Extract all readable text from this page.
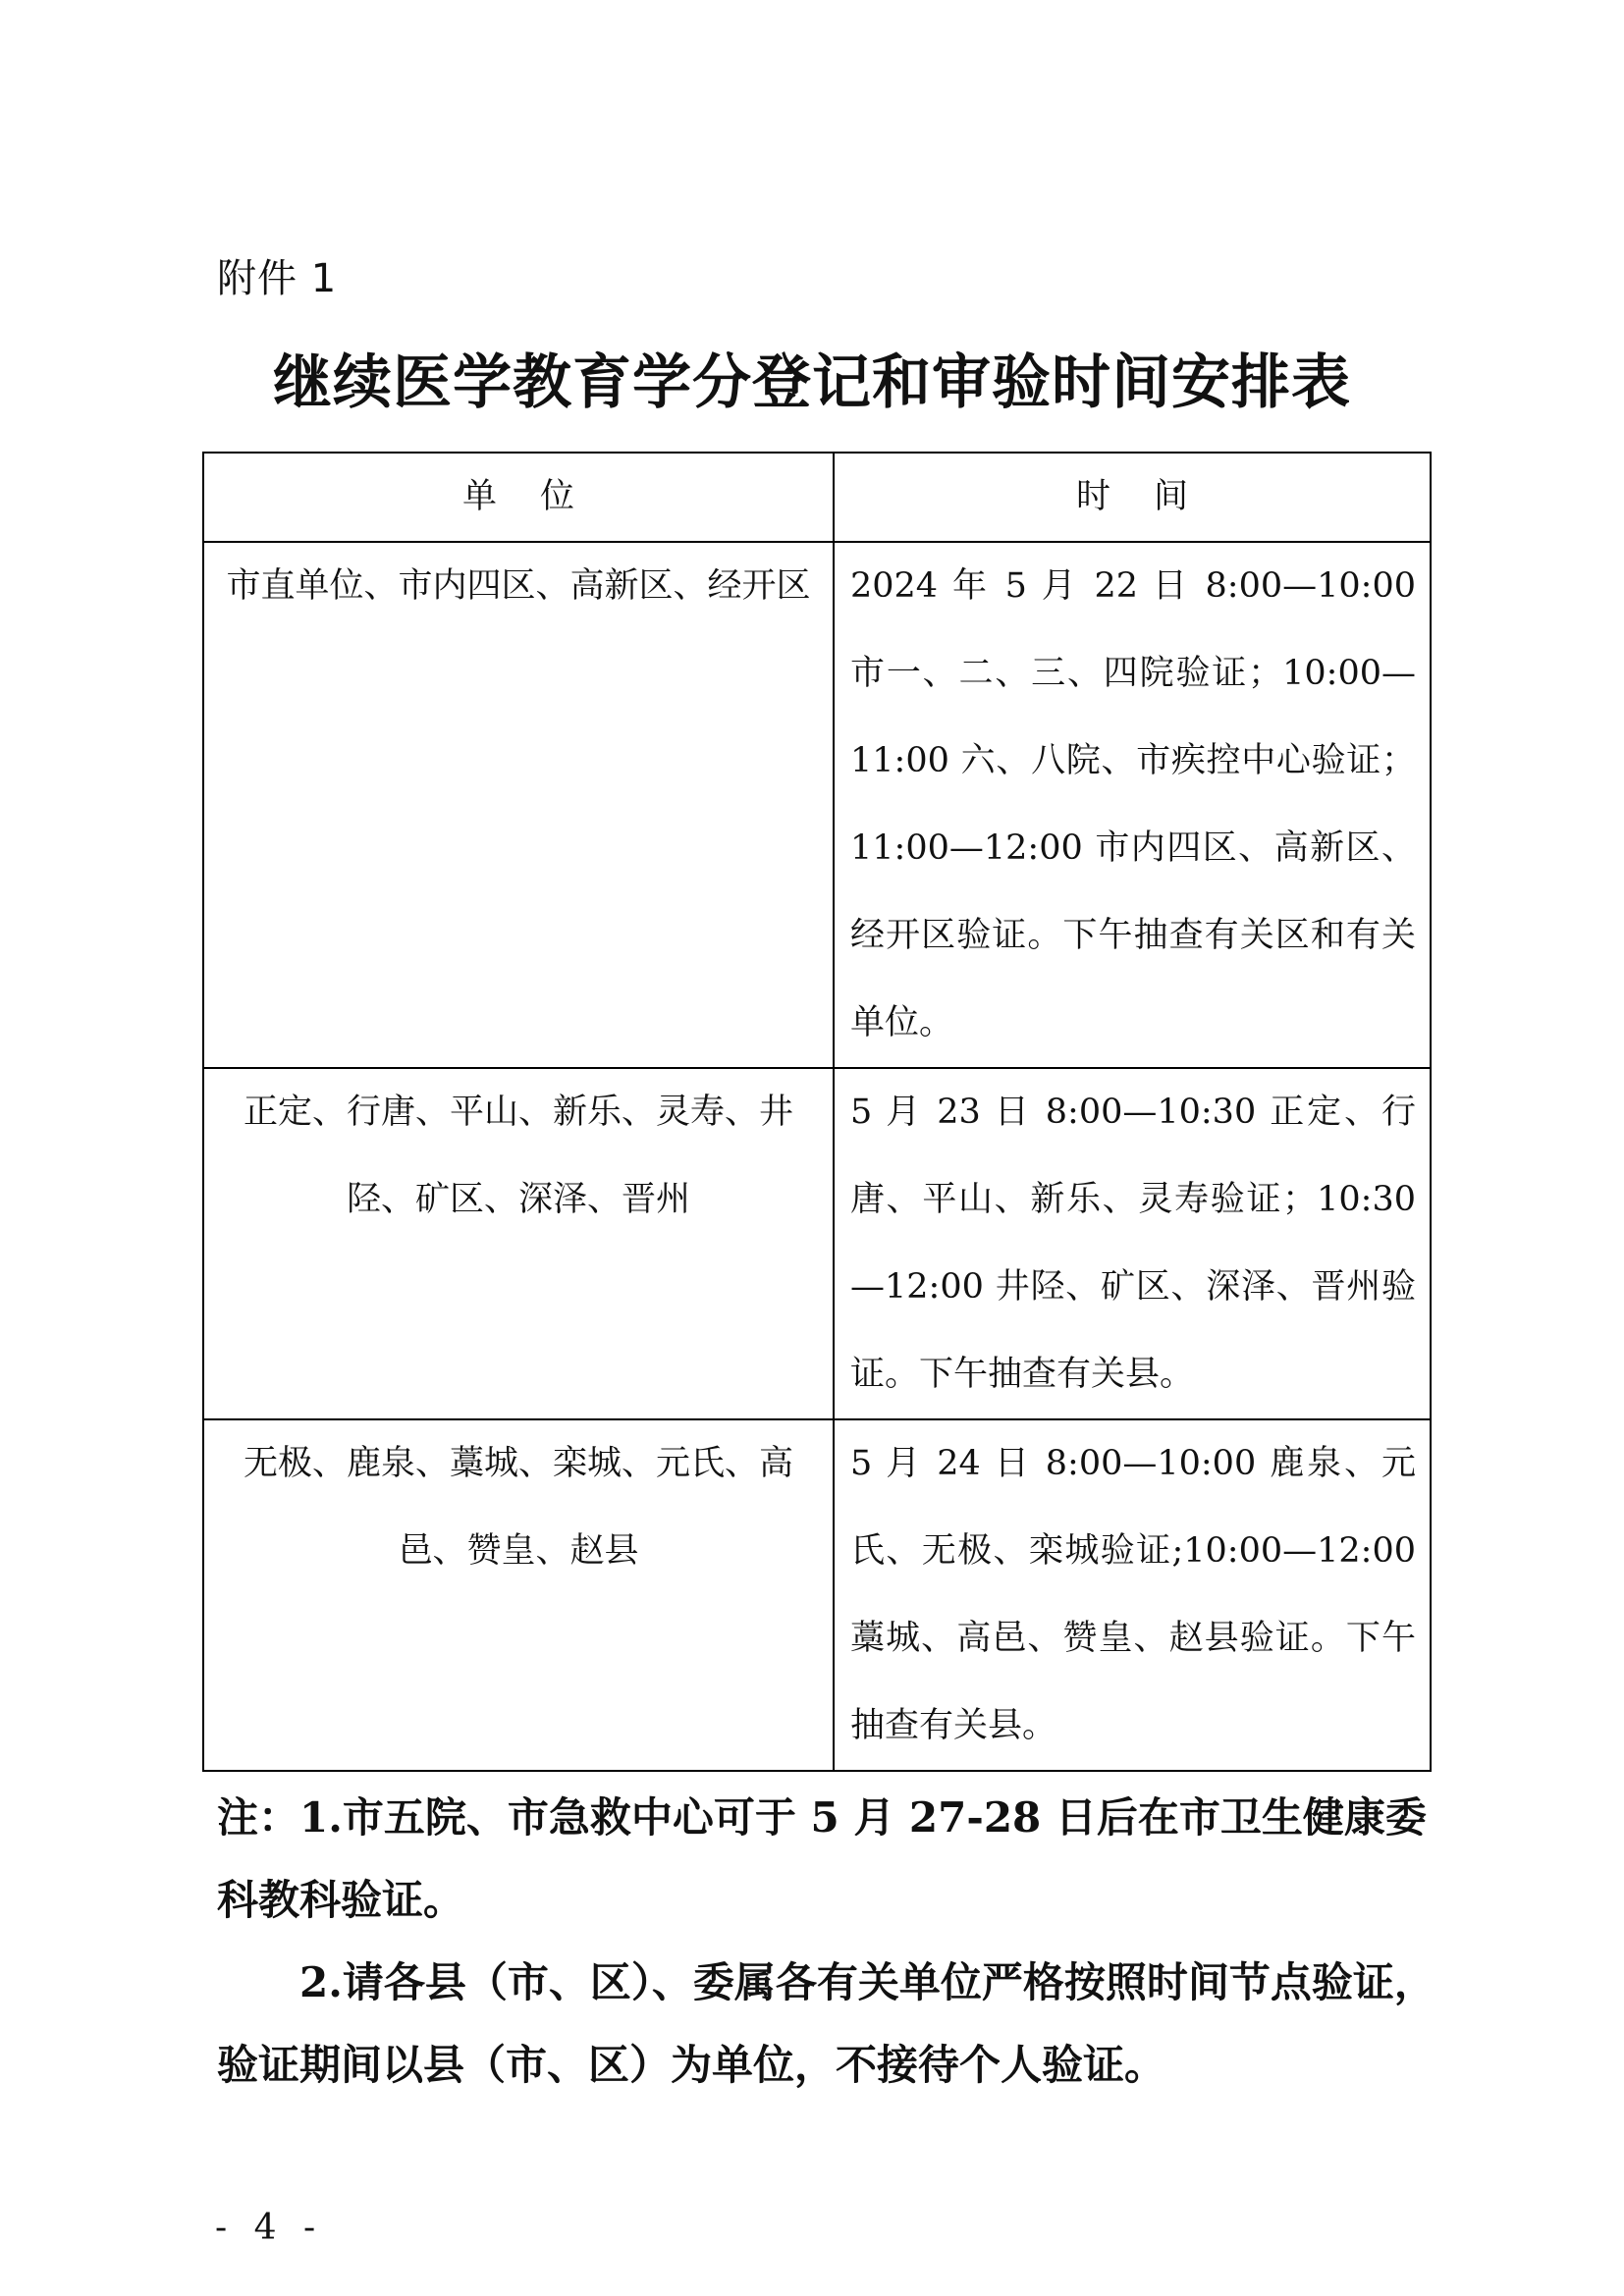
附件 1
继续医学教育学分登记和审验时间安排表
单位	时间
市直单位、市内四区、高新区、经开区	2024 年 5 月 22 日 8:00—10:00 市一、二、三、四院验证；10:00—11:00 六、八院、市疾控中心验证；11:00—12:00 市内四区、高新区、经开区验证。下午抽查有关区和有关单位。
正定、行唐、平山、新乐、灵寿、井陉、矿区、深泽、晋州	5 月 23 日 8:00—10:30 正定、行唐、平山、新乐、灵寿验证；10:30—12:00 井陉、矿区、深泽、晋州验证。下午抽查有关县。
无极、鹿泉、藁城、栾城、元氏、高邑、赞皇、赵县	5 月 24 日 8:00—10:00 鹿泉、元氏、无极、栾城验证;10:00—12:00 藁城、高邑、赞皇、赵县验证。下午抽查有关县。

注：1.市五院、市急救中心可于 5 月 27-28 日后在市卫生健康委科教科验证。

2.请各县（市、区）、委属各有关单位严格按照时间节点验证，验证期间以县（市、区）为单位，不接待个人验证。

- 4 -
